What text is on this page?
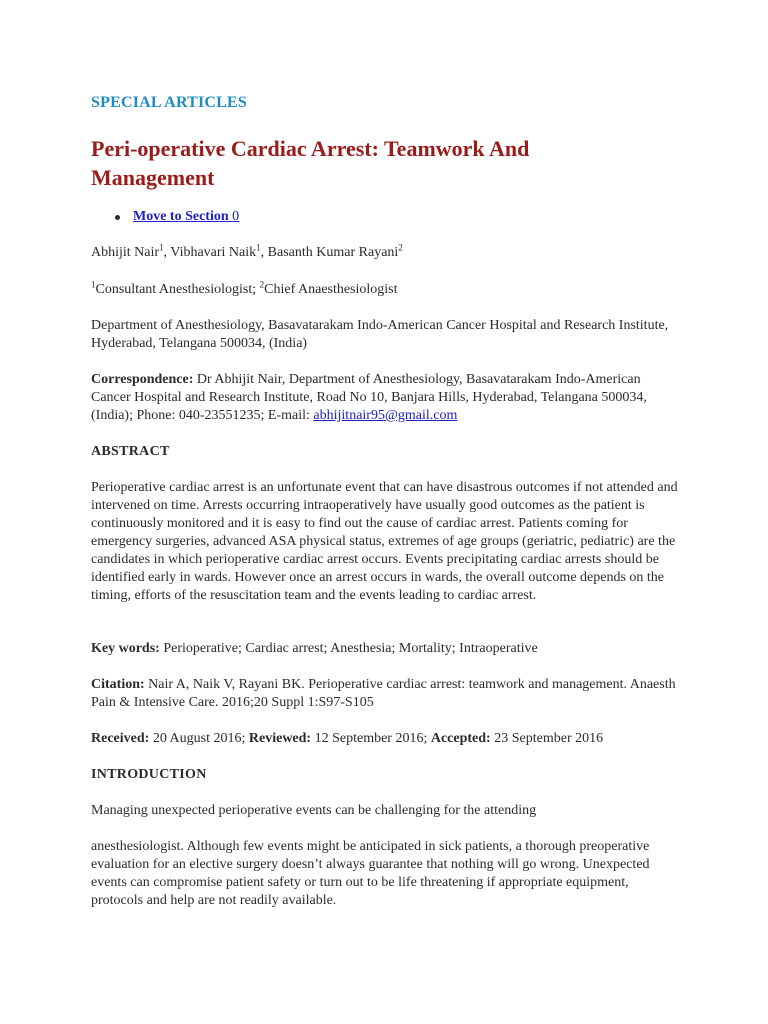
SPECIAL ARTICLES
Peri-operative Cardiac Arrest: Teamwork And Management
Move to Section 0

Abhijit Nair$^1$, Vibhavari Naik$^1$, Basanth Kumar Rayani$^2$

$^1$Consultant Anesthesiologist; $^2$Chief Anaesthesiologist

Department of Anesthesiology, Basavatarakam Indo-American Cancer Hospital and Research Institute, Hyderabad, Telangana 500034, (India)

Correspondence: Dr Abhijit Nair, Department of Anesthesiology, Basavatarakam Indo-American Cancer Hospital and Research Institute, Road No 10, Banjara Hills, Hyderabad, Telangana 500034, (India); Phone: 040-23551235; E-mail: abhijitnair95@gmail.com

ABSTRACT

Perioperative cardiac arrest is an unfortunate event that can have disastrous outcomes if not attended and intervened on time. Arrests occurring intraoperatively have usually good outcomes as the patient is continuously monitored and it is easy to find out the cause of cardiac arrest. Patients coming for emergency surgeries, advanced ASA physical status, extremes of age groups (geriatric, pediatric) are the candidates in which perioperative cardiac arrest occurs. Events precipitating cardiac arrests should be identified early in wards. However once an arrest occurs in wards, the overall outcome depends on the timing, efforts of the resuscitation team and the events leading to cardiac arrest.

Key words: Perioperative; Cardiac arrest; Anesthesia; Mortality; Intraoperative

Citation: Nair A, Naik V, Rayani BK. Perioperative cardiac arrest: teamwork and management. Anaesth Pain & Intensive Care. 2016;20 Suppl 1:S97-S105

Received: 20 August 2016; Reviewed: 12 September 2016; Accepted: 23 September 2016

INTRODUCTION

Managing unexpected perioperative events can be challenging for the attending

anesthesiologist. Although few events might be anticipated in sick patients, a thorough preoperative evaluation for an elective surgery doesn’t always guarantee that nothing will go wrong. Unexpected events can compromise patient safety or turn out to be life threatening if appropriate equipment, protocols and help are not readily available.
